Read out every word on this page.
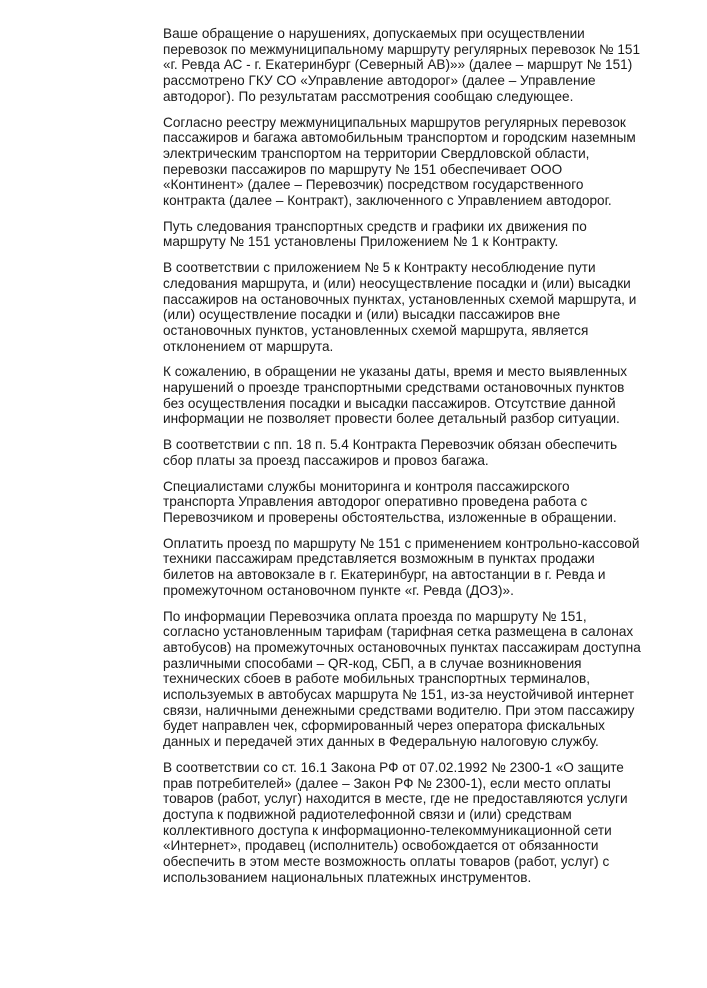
Ваше обращение о нарушениях, допускаемых при осуществлении перевозок по межмуниципальному маршруту регулярных перевозок № 151 «г. Ревда АС - г. Екатеринбург (Северный АВ)»» (далее – маршрут № 151) рассмотрено ГКУ СО «Управление автодорог» (далее – Управление автодорог). По результатам рассмотрения сообщаю следующее.

Согласно реестру межмуниципальных маршрутов регулярных перевозок пассажиров и багажа автомобильным транспортом и городским наземным электрическим транспортом на территории Свердловской области, перевозки пассажиров по маршруту № 151 обеспечивает ООО «Континент» (далее – Перевозчик) посредством государственного контракта (далее – Контракт), заключенного с Управлением автодорог.

Путь следования транспортных средств и графики их движения по маршруту № 151 установлены Приложением № 1 к Контракту.

В соответствии с приложением № 5 к Контракту несоблюдение пути следования маршрута, и (или) неосуществление посадки и (или) высадки пассажиров на остановочных пунктах, установленных схемой маршрута, и (или) осуществление посадки и (или) высадки пассажиров вне остановочных пунктов, установленных схемой маршрута, является отклонением от маршрута.

К сожалению, в обращении не указаны даты, время и место выявленных нарушений о проезде транспортными средствами остановочных пунктов без осуществления посадки и высадки пассажиров. Отсутствие данной информации не позволяет провести более детальный разбор ситуации.

В соответствии с пп. 18 п. 5.4 Контракта Перевозчик обязан обеспечить сбор платы за проезд пассажиров и провоз багажа.

Специалистами службы мониторинга и контроля пассажирского транспорта Управления автодорог оперативно проведена работа с Перевозчиком и проверены обстоятельства, изложенные в обращении.

Оплатить проезд по маршруту № 151 с применением контрольно-кассовой техники пассажирам представляется возможным в пунктах продажи билетов на автовокзале в г. Екатеринбург, на автостанции в г. Ревда и промежуточном остановочном пункте «г. Ревда (ДОЗ)».

По информации Перевозчика оплата проезда по маршруту № 151, согласно установленным тарифам (тарифная сетка размещена в салонах автобусов) на промежуточных остановочных пунктах пассажирам доступна различными способами – QR-код, СБП, а в случае возникновения технических сбоев в работе мобильных транспортных терминалов, используемых в автобусах маршрута № 151, из-за неустойчивой интернет связи, наличными денежными средствами водителю. При этом пассажиру будет направлен чек, сформированный через оператора фискальных данных и передачей этих данных в Федеральную налоговую службу.

В соответствии со ст. 16.1 Закона РФ от 07.02.1992 № 2300-1 «О защите прав потребителей» (далее – Закон РФ № 2300-1), если место оплаты товаров (работ, услуг) находится в месте, где не предоставляются услуги доступа к подвижной радиотелефонной связи и (или) средствам коллективного доступа к информационно-телекоммуникационной сети «Интернет», продавец (исполнитель) освобождается от обязанности обеспечить в этом месте возможность оплаты товаров (работ, услуг) с использованием национальных платежных инструментов.
